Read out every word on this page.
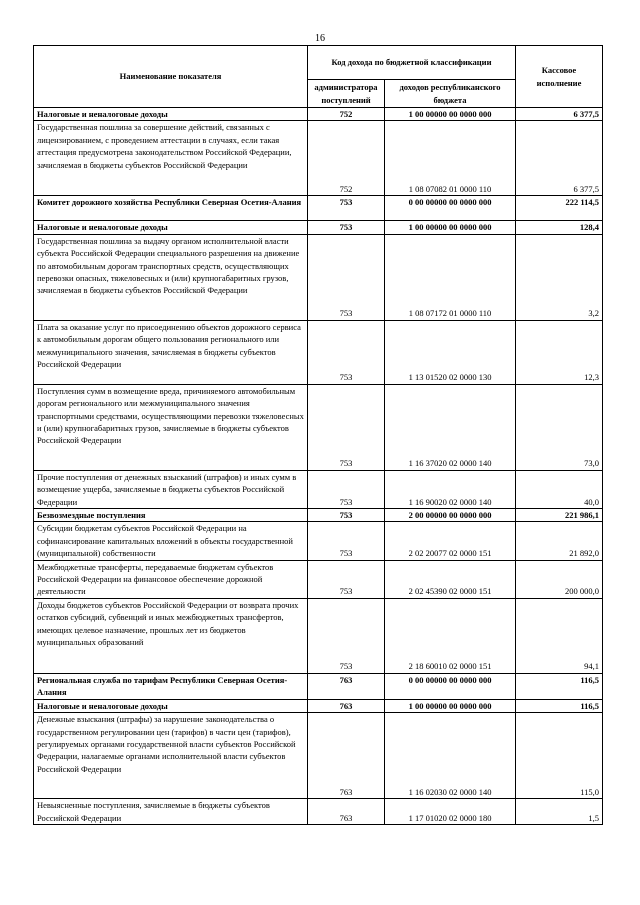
16
Наименование показателя	Код дохода по бюджетной классификации		Кассовое исполнение
	администратора поступлений	доходов республиканского бюджета	
Налоговые и неналоговые доходы	752	1 00 00000 00 0000 000	6 377,5
Государственная пошлина за совершение действий, связанных с лицензированием, с проведением аттестации в случаях, если такая аттестация предусмотрена законодательством Российской Федерации, зачисляемая в бюджеты субъектов Российской Федерации	752	1 08 07082 01 0000 110	6 377,5
Комитет дорожного хозяйства Республики Северная Осетия-Алания	753	0 00 00000 00 0000 000	222 114,5
Налоговые и неналоговые доходы	753	1 00 00000 00 0000 000	128,4
Государственная пошлина за выдачу органом исполнительной власти субъекта Российской Федерации специального разрешения на движение по автомобильным дорогам транспортных средств, осуществляющих перевозки опасных, тяжеловесных и (или) крупногабаритных грузов, зачисляемая в бюджеты субъектов Российской Федерации	753	1 08 07172 01 0000 110	3,2
Плата за оказание услуг по присоединению объектов дорожного сервиса к автомобильным дорогам общего пользования регионального или межмуниципального значения, зачисляемая в бюджеты субъектов Российской Федерации	753	1 13 01520 02 0000 130	12,3
Поступления сумм в возмещение вреда, причиняемого автомобильным дорогам регионального или межмуниципального значения транспортными средствами, осуществляющими перевозки тяжеловесных и (или) крупногабаритных грузов, зачисляемые в бюджеты субъектов Российской Федерации	753	1 16 37020 02 0000 140	73,0
Прочие поступления от денежных взысканий (штрафов) и иных сумм в возмещение ущерба, зачисляемые в бюджеты субъектов Российской Федерации	753	1 16 90020 02 0000 140	40,0
Безвозмездные поступления	753	2 00 00000 00 0000 000	221 986,1
Субсидии бюджетам субъектов Российской Федерации на софинансирование капитальных вложений в объекты государственной (муниципальной) собственности	753	2 02 20077 02 0000 151	21 892,0
Межбюджетные трансферты, передаваемые бюджетам субъектов Российской Федерации на финансовое обеспечение дорожной деятельности	753	2 02 45390 02 0000 151	200 000,0
Доходы бюджетов субъектов Российской Федерации от возврата прочих остатков субсидий, субвенций и иных межбюджетных трансфертов, имеющих целевое назначение, прошлых лет из бюджетов муниципальных образований	753	2 18 60010 02 0000 151	94,1
Региональная служба по тарифам Республики Северная Осетия-Алания	763	0 00 00000 00 0000 000	116,5
Налоговые и неналоговые доходы	763	1 00 00000 00 0000 000	116,5
Денежные взыскания (штрафы) за нарушение законодательства о государственном регулировании цен (тарифов) в части цен (тарифов), регулируемых органами государственной власти субъектов Российской Федерации, налагаемые органами исполнительной власти субъектов Российской Федерации	763	1 16 02030 02 0000 140	115,0
Невыясненные поступления, зачисляемые в бюджеты субъектов Российской Федерации	763	1 17 01020 02 0000 180	1,5
